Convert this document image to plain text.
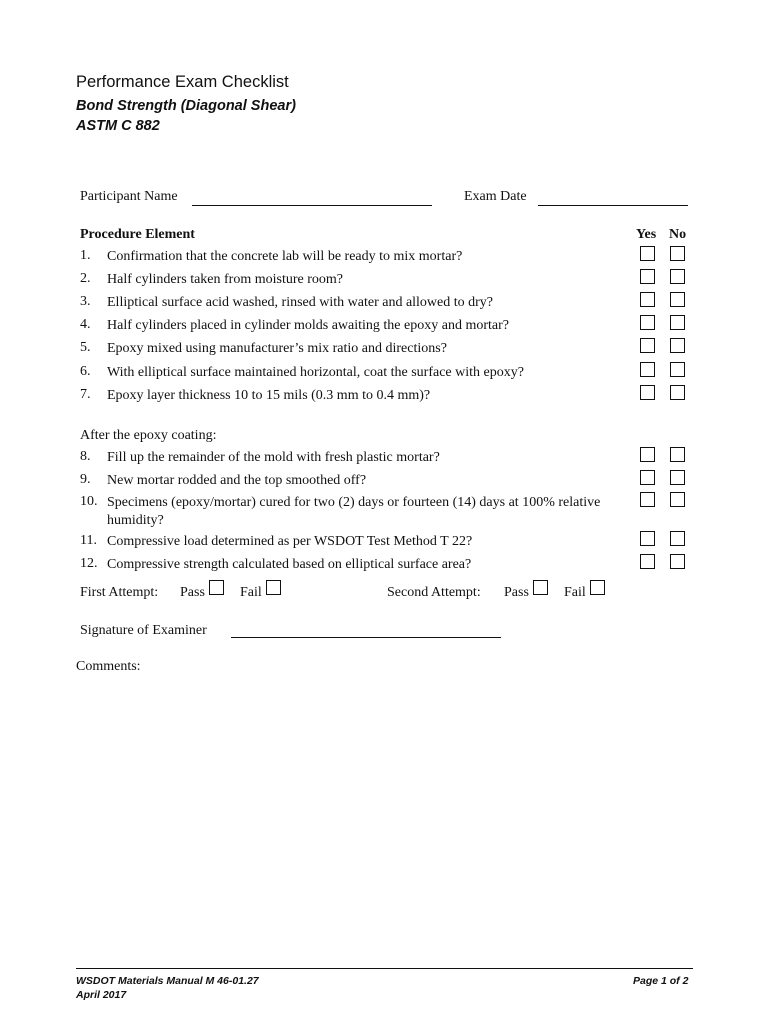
Performance Exam Checklist
Bond Strength (Diagonal Shear)
ASTM C 882
Participant Name	Exam Date
Procedure Element	Yes No
1. Confirmation that the concrete lab will be ready to mix mortar?
2. Half cylinders taken from moisture room?
3. Elliptical surface acid washed, rinsed with water and allowed to dry?
4. Half cylinders placed in cylinder molds awaiting the epoxy and mortar?
5. Epoxy mixed using manufacturer’s mix ratio and directions?
6. With elliptical surface maintained horizontal, coat the surface with epoxy?
7. Epoxy layer thickness 10 to 15 mils (0.3 mm to 0.4 mm)?
After the epoxy coating:
8. Fill up the remainder of the mold with fresh plastic mortar?
9. New mortar rodded and the top smoothed off?
10. Specimens (epoxy/mortar) cured for two (2) days or fourteen (14) days at 100% relative humidity?
11. Compressive load determined as per WSDOT Test Method T 22?
12. Compressive strength calculated based on elliptical surface area?
First Attempt: Pass	Fail	Second Attempt: Pass	Fail
Signature of Examiner
Comments:
WSDOT Materials Manual M 46-01.27
April 2017
Page 1 of 2
